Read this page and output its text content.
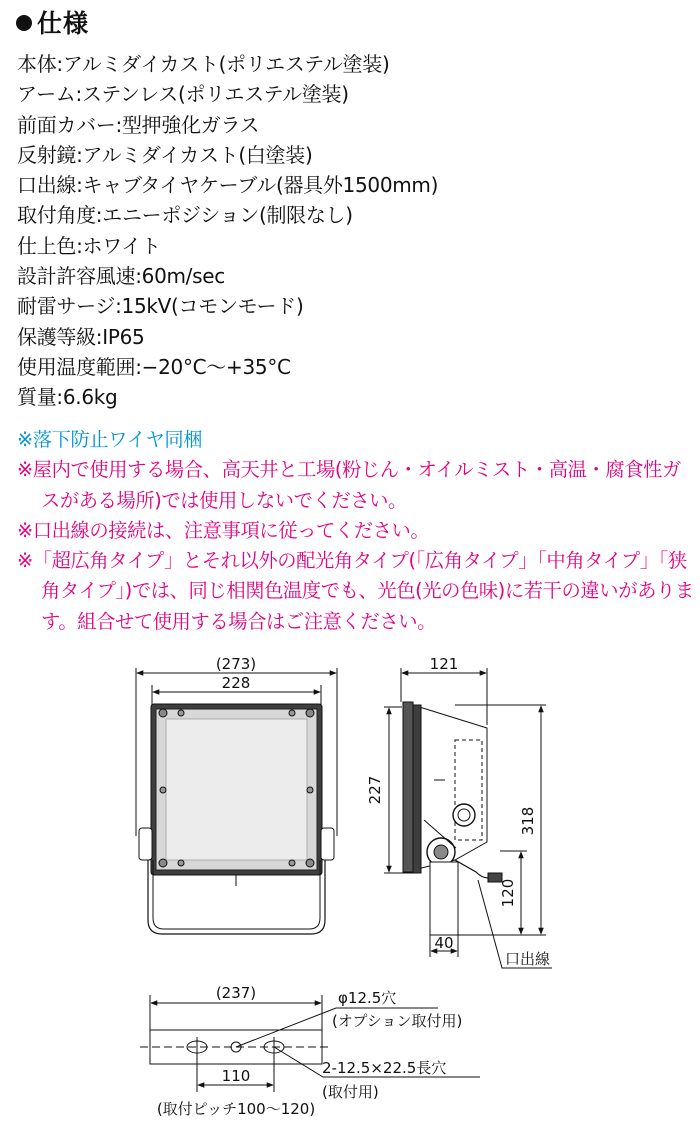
仕様
本体:アルミダイカスト(ポリエステル塗装)
アーム:ステンレス(ポリエステル塗装)
前面カバー:型押強化ガラス
反射鏡:アルミダイカスト(白塗装)
口出線:キャブタイヤケーブル(器具外1500mm)
取付角度:エニーポジション(制限なし)
仕上色:ホワイト
設計許容風速:60m/sec
耐雷サージ:15kV(コモンモード)
保護等級:IP65
使用温度範囲:−20°C〜+35°C
質量:6.6kg
※落下防止ワイヤ同梱
※屋内で使用する場合、高天井と工場(粉じん・オイルミスト・高温・腐食性ガスがある場所)では使用しないでください。
※口出線の接続は、注意事項に従ってください。
※「超広角タイプ」とそれ以外の配光角タイプ(「広角タイプ」「中角タイプ」「狭角タイプ」)では、同じ相関色温度でも、光色(光の色味)に若干の違いがあります。組合せて使用する場合はご注意ください。
(273)
228
121
227
318
120
40
口出線
(237)	φ12.5穴
(オプション取付用)
110	2-12.5×22.5長穴
(取付用)
(取付ピッチ100〜120)
